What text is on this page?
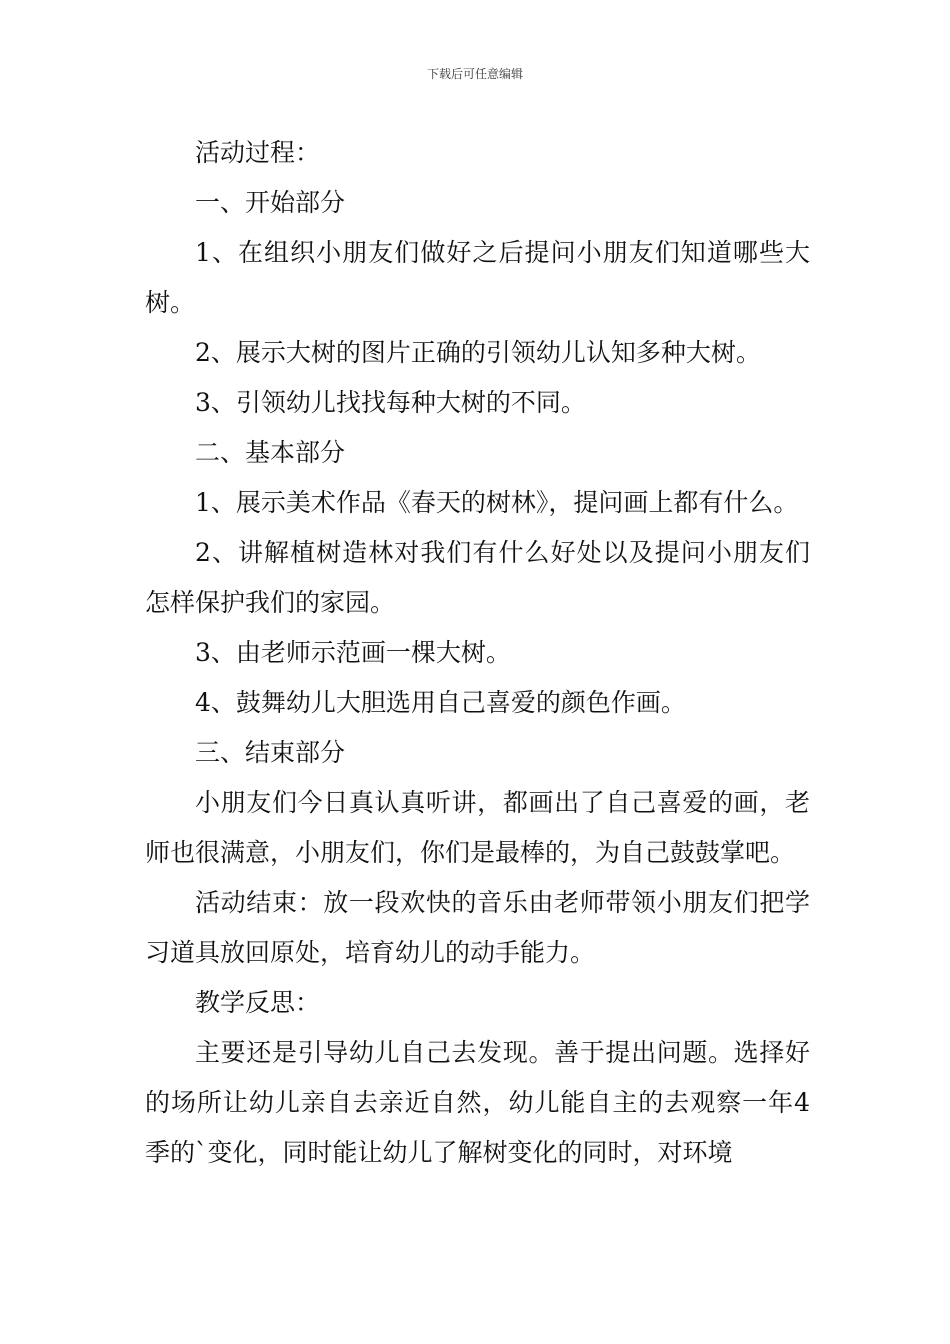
下载后可任意编辑

活动过程：

一、开始部分

1、在组织小朋友们做好之后提问小朋友们知道哪些大树。

2、展示大树的图片正确的引领幼儿认知多种大树。

3、引领幼儿找找每种大树的不同。

二、基本部分

1、展示美术作品《春天的树林》，提问画上都有什么。

2、讲解植树造林对我们有什么好处以及提问小朋友们怎样保护我们的家园。

3、由老师示范画一棵大树。

4、鼓舞幼儿大胆选用自己喜爱的颜色作画。

三、结束部分

小朋友们今日真认真听讲，都画出了自己喜爱的画，老师也很满意，小朋友们，你们是最棒的，为自己鼓鼓掌吧。

活动结束：放一段欢快的音乐由老师带领小朋友们把学习道具放回原处，培育幼儿的动手能力。

教学反思：

主要还是引导幼儿自己去发现。善于提出问题。选择好的场所让幼儿亲自去亲近自然，幼儿能自主的去观察一年4季的`变化，同时能让幼儿了解树变化的同时，对环境
